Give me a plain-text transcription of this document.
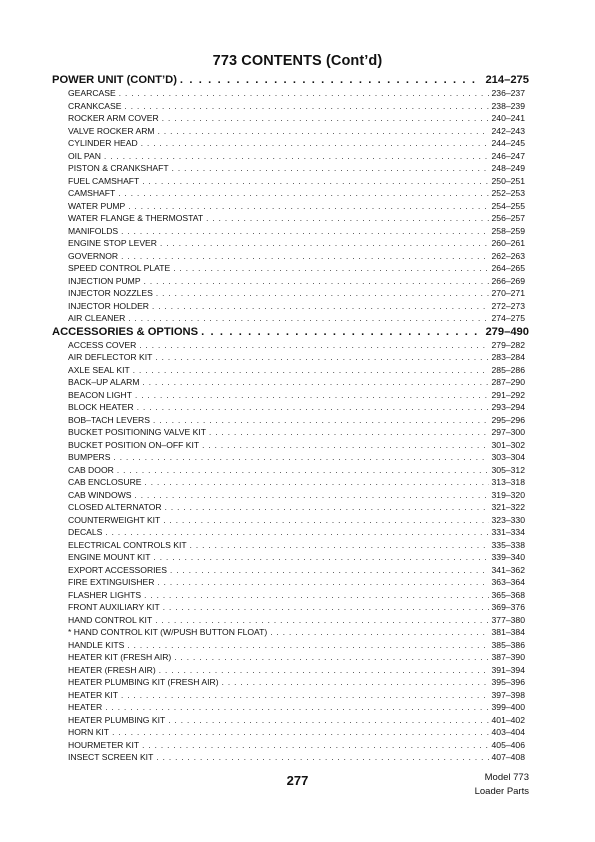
773 CONTENTS (Cont’d)
POWER UNIT (CONT’D) . . .	214–275
GEARCASE . . .	236–237
CRANKCASE . . .	238–239
ROCKER ARM COVER . . .	240–241
VALVE ROCKER ARM . . .	242–243
CYLINDER HEAD . . .	244–245
OIL PAN . . .	246–247
PISTON & CRANKSHAFT . . .	248–249
FUEL CAMSHAFT . . .	250–251
CAMSHAFT . . .	252–253
WATER PUMP . . .	254–255
WATER FLANGE & THERMOSTAT . . .	256–257
MANIFOLDS . . .	258–259
ENGINE STOP LEVER . . .	260–261
GOVERNOR . . .	262–263
SPEED CONTROL PLATE . . .	264–265
INJECTION PUMP . . .	266–269
INJECTOR NOZZLES . . .	270–271
INJECTOR HOLDER . . .	272–273
AIR CLEANER . . .	274–275
ACCESSORIES & OPTIONS . . .	279–490
ACCESS COVER . . .	279–282
AIR DEFLECTOR KIT . . .	283–284
AXLE SEAL KIT . . .	285–286
BACK–UP ALARM . . .	287–290
BEACON LIGHT . . .	291–292
BLOCK HEATER . . .	293–294
BOB–TACH LEVERS . . .	295–296
BUCKET POSITIONING VALVE KIT . . .	297–300
BUCKET POSITION ON–OFF KIT . . .	301–302
BUMPERS . . .	303–304
CAB DOOR . . .	305–312
CAB ENCLOSURE . . .	313–318
CAB WINDOWS . . .	319–320
CLOSED ALTERNATOR . . .	321–322
COUNTERWEIGHT KIT . . .	323–330
DECALS . . .	331–334
ELECTRICAL CONTROLS KIT . . .	335–338
ENGINE MOUNT KIT . . .	339–340
EXPORT ACCESSORIES . . .	341–362
FIRE EXTINGUISHER . . .	363–364
FLASHER LIGHTS . . .	365–368
FRONT AUXILIARY KIT . . .	369–376
HAND CONTROL KIT . . .	377–380
* HAND CONTROL KIT (W/PUSH BUTTON FLOAT) . . .	381–384
HANDLE KITS . . .	385–386
HEATER KIT (FRESH AIR) . . .	387–390
HEATER (FRESH AIR) . . .	391–394
HEATER PLUMBING KIT (FRESH AIR) . . .	395–396
HEATER KIT . . .	397–398
HEATER . . .	399–400
HEATER PLUMBING KIT . . .	401–402
HORN KIT . . .	403–404
HOURMETER KIT . . .	405–406
INSECT SCREEN KIT . . .	407–408
277	Model 773
Loader Parts
